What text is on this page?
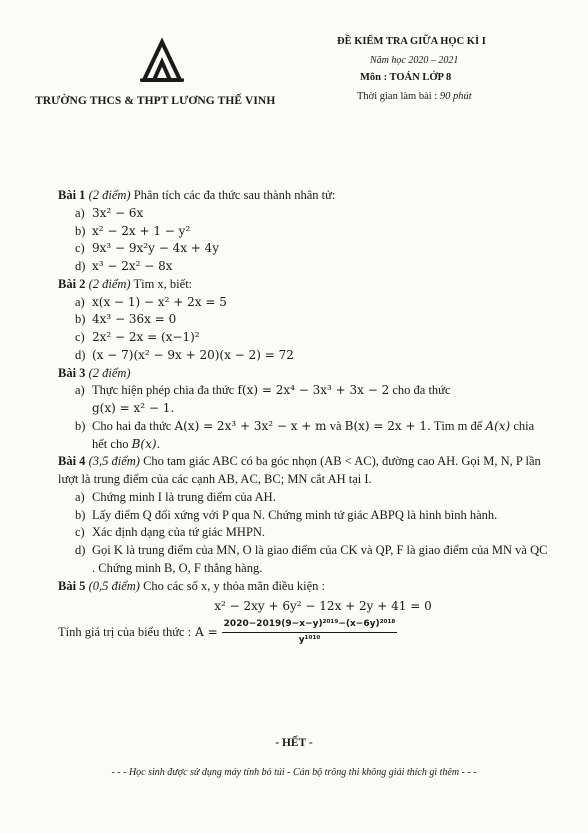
TRƯỜNG THCS & THPT LƯƠNG THẾ VINH
ĐỀ KIỂM TRA GIỮA HỌC KÌ I
Năm học 2020 – 2021
Môn : TOÁN LỚP 8
Thời gian làm bài : 90 phút

Bài 1 (2 điểm) Phân tích các đa thức sau thành nhân tử:

a) 3x² − 6x
b) x² − 2x + 1 − y²
c) 9x³ − 9x²y − 4x + 4y
d) x³ − 2x² − 8x

Bài 2 (2 điểm) Tìm x, biết:

a) x(x − 1) − x² + 2x = 5
b) 4x³ − 36x = 0
c) 2x² − 2x = (x−1)²
d) (x − 7)(x² − 9x + 20)(x − 2) = 72

Bài 3 (2 điểm)

a) Thực hiện phép chia đa thức f(x) = 2x⁴ − 3x³ + 3x − 2 cho đa thức
g(x) = x² − 1.
b) Cho hai đa thức A(x) = 2x³ + 3x² − x + m và B(x) = 2x + 1. Tìm m để A(x) chia hết cho B(x).

Bài 4 (3,5 điểm) Cho tam giác ABC có ba góc nhọn (AB < AC), đường cao AH. Gọi M, N, P lần lượt là trung điểm của các cạnh AB, AC, BC; MN cắt AH tại I.

a) Chứng minh I là trung điểm của AH.
b) Lấy điểm Q đối xứng với P qua N. Chứng minh tứ giác ABPQ là hình bình hành.
c) Xác định dạng của tứ giác MHPN.
d) Gọi K là trung điểm của MN, O là giao điểm của CK và QP, F là giao điểm của MN và QC . Chứng minh B, O, F thẳng hàng.

Bài 5 (0,5 điểm) Cho các số x, y thỏa mãn điều kiện :

x² − 2xy + 6y² − 12x + 2y + 41 = 0
Tính giá trị của biểu thức : $A = \frac{\text{2020−2019(9−x−y)²⁰¹⁹−(x−6y)²⁰¹⁸}}{\text{y¹⁰¹⁰}}$
- HẾT -
- - - Học sinh được sử dụng máy tính bỏ túi - Cán bộ trông thi không giải thích gì thêm - - -
